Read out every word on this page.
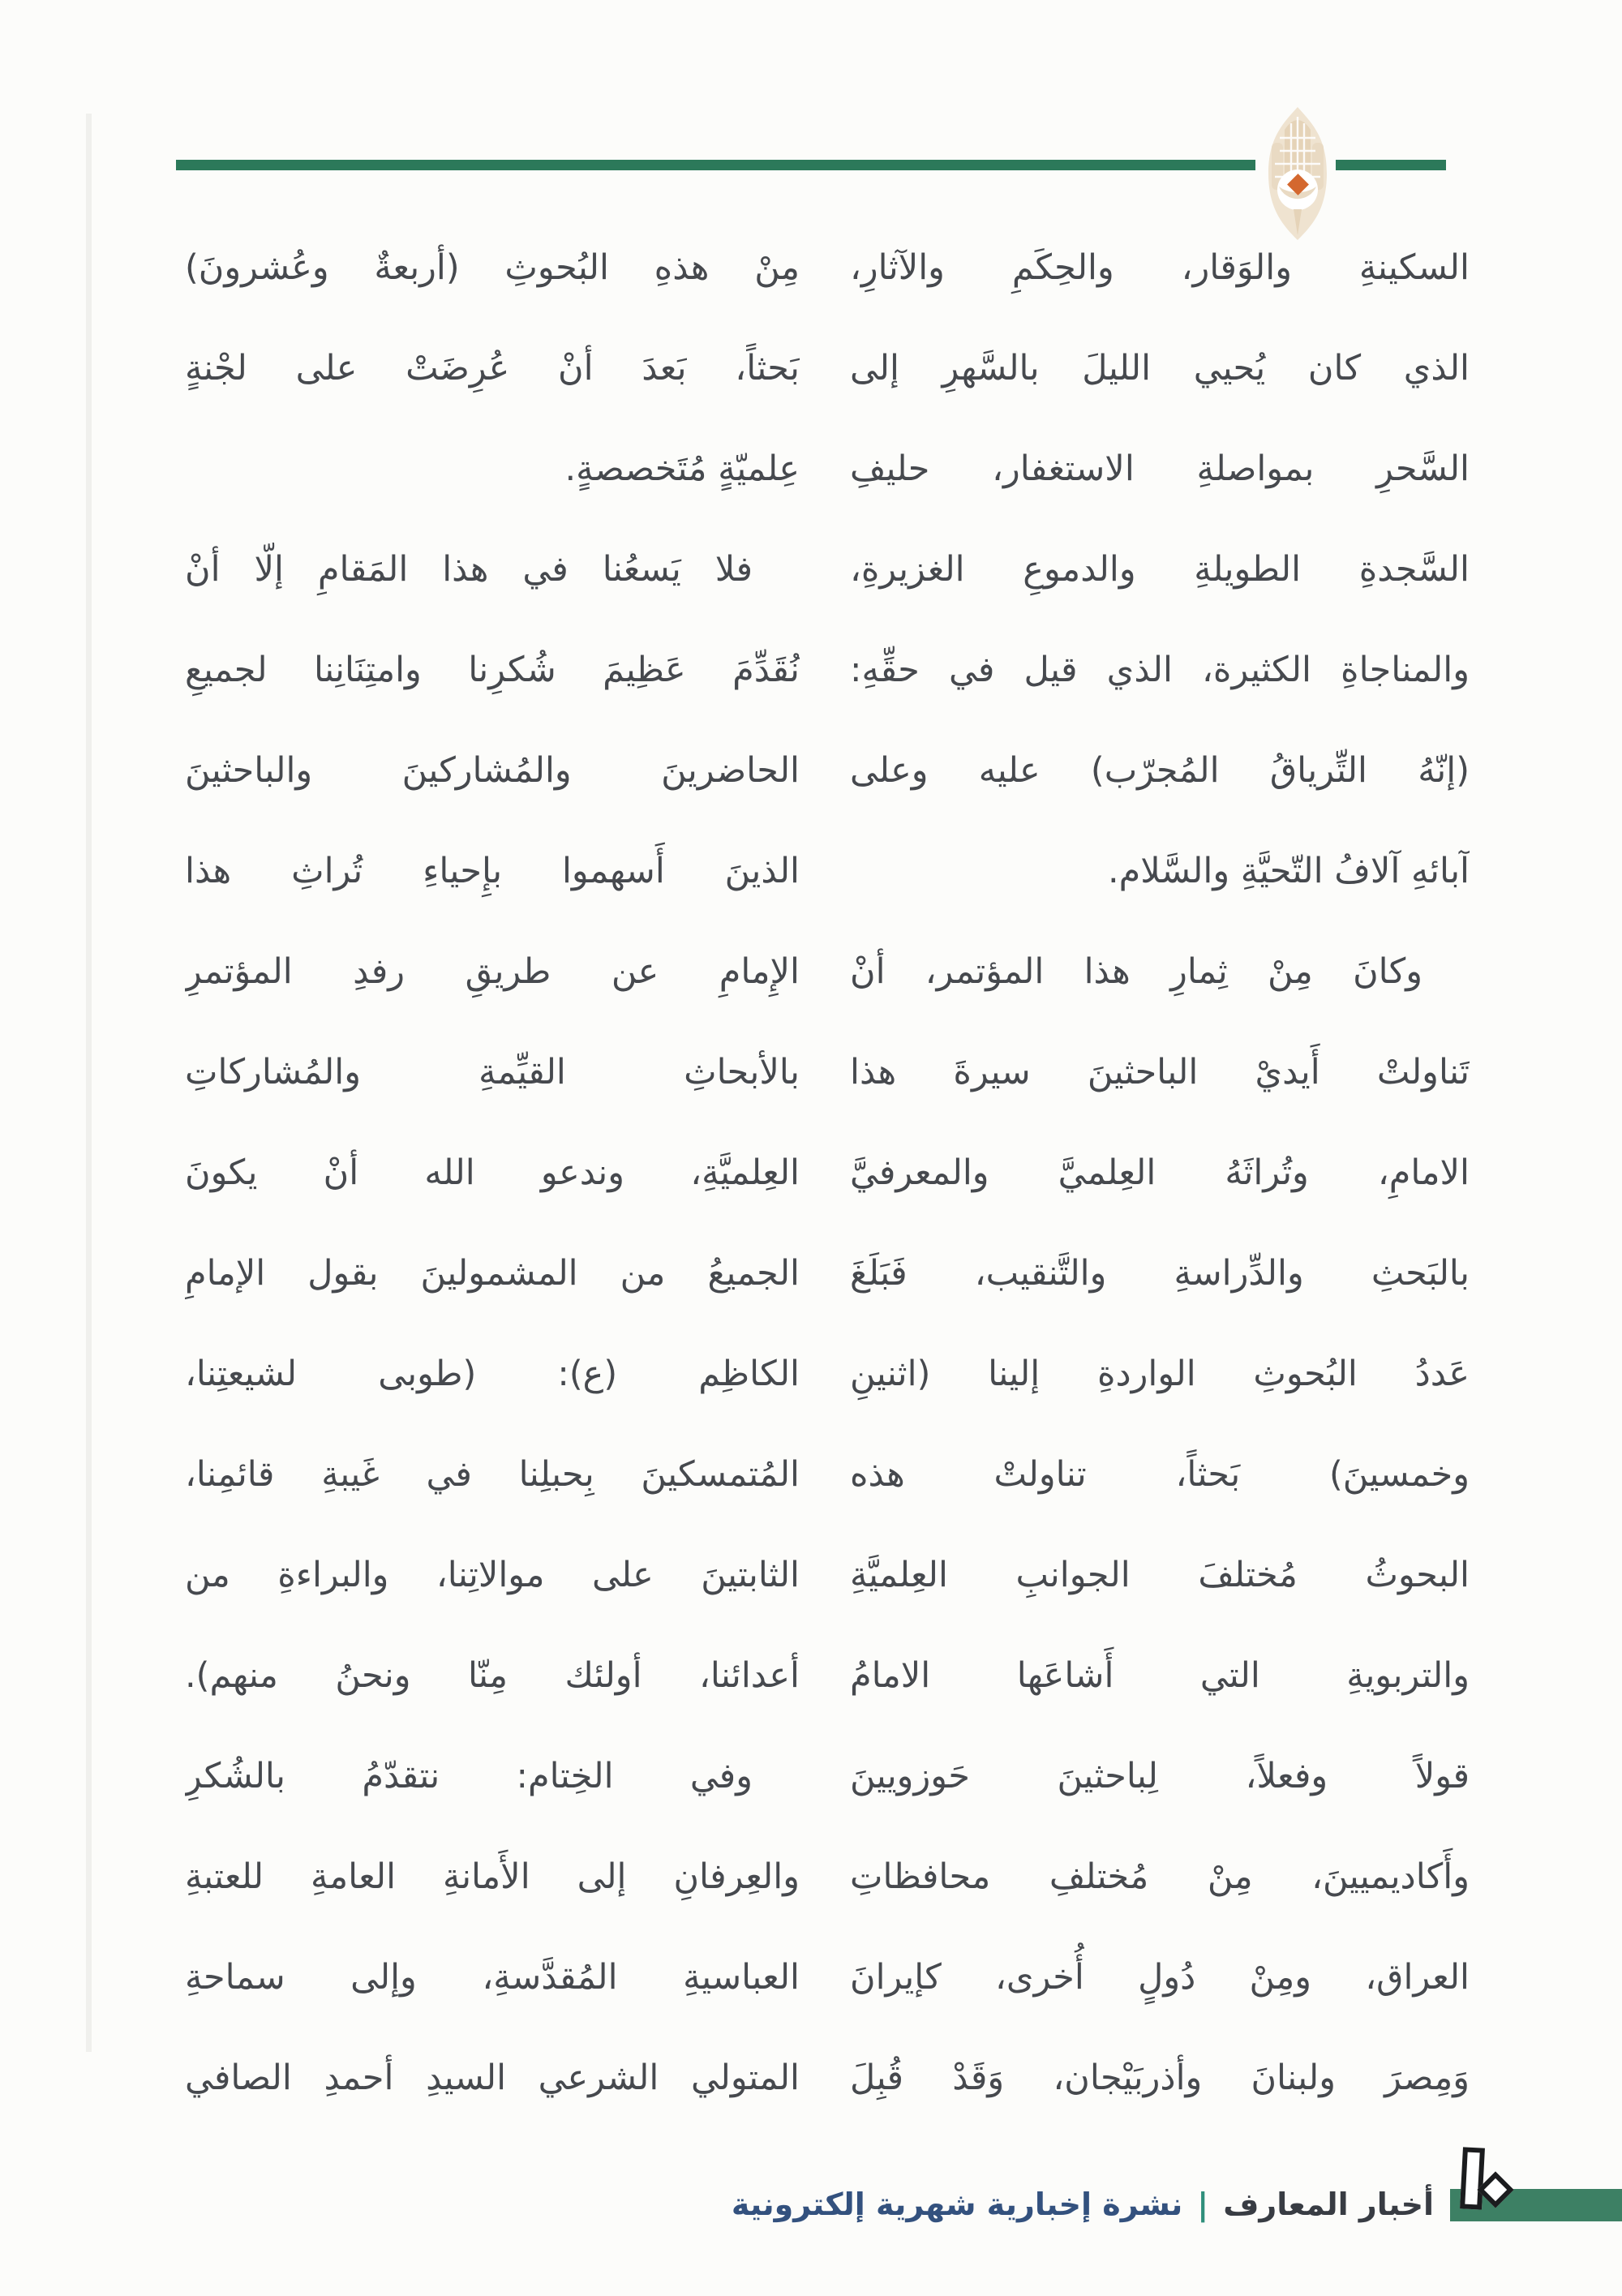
السكينةِ والوَقار، والحِكَمِ والآثارِ،
الذي كان يُحيي الليلَ بالسَّهرِ إلى
السَّحرِ بمواصلةِ الاستغفار، حليفِ
السَّجدةِ الطويلةِ والدموعِ الغزيرةِ،
والمناجاةِ الكثيرة، الذي قيل في حقِّهِ:
(إنّهُ التِّرياقُ المُجرّب) عليه وعلى
آبائهِ آلافُ التّحيَّةِ والسَّلام.
وكانَ مِنْ ثِمارِ هذا المؤتمر، أنْ
تَناولتْ أَيديْ الباحثينَ سيرةَ هذا
الامامِ، وتُراثَهُ العِلميَّ والمعرفيَّ
بالبَحثِ والدِّراسةِ والتَّنقيب، فَبَلَغَ
عَددُ البُحوثِ الواردةِ إلينا (اثنينِ
وخمسينَ) بَحثاً، تناولتْ هذه
البحوثُ مُختلفَ الجوانبِ العِلميَّةِ
والتربويةِ التي أَشاعَها الامامُ
قولاً وفعلاً، لِباحثينَ حَوزويينَ
وأَكاديميينَ، مِنْ مُختلفِ محافظاتِ
العراق، ومِنْ دُولٍ أُخرى، كإيرانَ
وَمِصرَ ولبنانَ وأذربَيْجان، وَقَدْ قُبِلَ
مِنْ هذهِ البُحوثِ (أربعةٌ وعُشرونَ)
بَحثاً، بَعدَ أنْ عُرِضَتْ على لجْنةٍ
عِلميّةٍ مُتَخصصةٍ.
فلا يَسعُنا في هذا المَقامِ إلّا أنْ
نُقَدِّمَ عَظِيمَ شُكرِنا وامتِنَانِنا لجميعِ
الحاضرينَ والمُشاركينَ والباحثينَ
الذينَ أَسهموا بإِحياءِ تُراثِ هذا
الإِمامِ عن طريقِ رفدِ المؤتمرِ
بالأبحاثِ القيِّمةِ والمُشاركاتِ
العِلميَّةِ، وندعو الله أنْ يكونَ
الجميعُ من المشمولينَ بقول الإمامِ
الكاظِم (ع): (طوبى لشيعتِنا،
المُتمسكينَ بِحبلِنا في غَيبةِ قائمِنا،
الثابتينَ على موالاتِنا، والبراءةِ من
أعدائنا، أولئك مِنّا ونحنُ منهم).
وفي الخِتام: نتقدّمُ بالشُكرِ
والعِرفانِ إلى الأَمانةِ العامةِ للعتبةِ
العباسيةِ المُقدَّسةِ، وإلى سماحةِ
المتولي الشرعي السيدِ أحمدِ الصافي
أخبار المعارف
|
نشرة إخبارية شهرية إلكترونية
